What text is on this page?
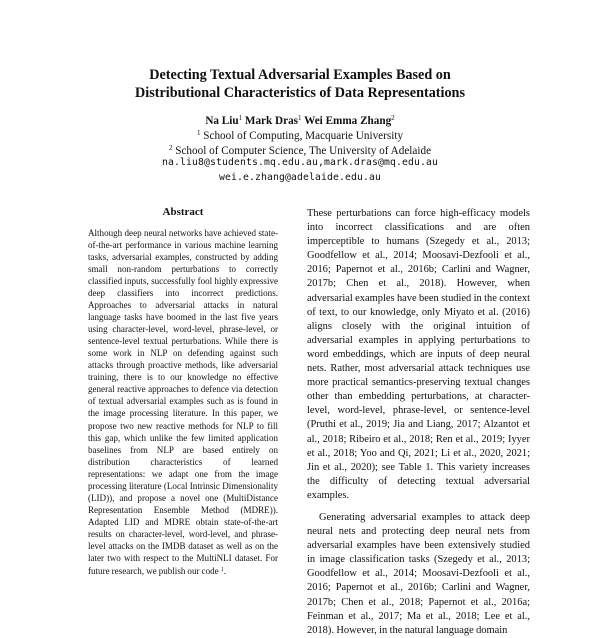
Detecting Textual Adversarial Examples Based on
Distributional Characteristics of Data Representations
Na Liu$^1$ Mark Dras$^1$ Wei Emma Zhang$^2$
$^1$ School of Computing, Macquarie University
$^2$ School of Computer Science, The University of Adelaide
na.liu8@students.mq.edu.au,mark.dras@mq.edu.au
wei.e.zhang@adelaide.edu.au
Abstract
Although deep neural networks have achieved state-of-the-art performance in various machine learning tasks, adversarial examples, constructed by adding small non-random perturbations to correctly classified inputs, successfully fool highly expressive deep classifiers into incorrect predictions. Approaches to adversarial attacks in natural language tasks have boomed in the last five years using character-level, word-level, phrase-level, or sentence-level textual perturbations. While there is some work in NLP on defending against such attacks through proactive methods, like adversarial training, there is to our knowledge no effective general reactive approaches to defence via detection of textual adversarial examples such as is found in the image processing literature. In this paper, we propose two new reactive methods for NLP to fill this gap, which unlike the few limited application baselines from NLP are based entirely on distribution characteristics of learned representations: we adapt one from the image processing literature (Local Intrinsic Dimensionality (LID)), and propose a novel one (MultiDistance Representation Ensemble Method (MDRE)). Adapted LID and MDRE obtain state-of-the-art results on character-level, word-level, and phrase-level attacks on the IMDB dataset as well as on the later two with respect to the MultiNLI dataset. For future research, we publish our code $^1$.

These perturbations can force high-efficacy models into incorrect classifications and are often imperceptible to humans (Szegedy et al., 2013; Goodfellow et al., 2014; Moosavi-Dezfooli et al., 2016; Papernot et al., 2016b; Carlini and Wagner, 2017b; Chen et al., 2018). However, when adversarial examples have been studied in the context of text, to our knowledge, only Miyato et al. (2016) aligns closely with the original intuition of adversarial examples in applying perturbations to word embeddings, which are inputs of deep neural nets. Rather, most adversarial attack techniques use more practical semantics-preserving textual changes other than embedding perturbations, at character-level, word-level, phrase-level, or sentence-level (Pruthi et al., 2019; Jia and Liang, 2017; Alzantot et al., 2018; Ribeiro et al., 2018; Ren et al., 2019; Iyyer et al., 2018; Yoo and Qi, 2021; Li et al., 2020, 2021; Jin et al., 2020); see Table 1. This variety increases the difficulty of detecting textual adversarial examples.

Generating adversarial examples to attack deep neural nets and protecting deep neural nets from adversarial examples have been extensively studied in image classification tasks (Szegedy et al., 2013; Goodfellow et al., 2014; Moosavi-Dezfooli et al., 2016; Papernot et al., 2016b; Carlini and Wagner, 2017b; Chen et al., 2018; Papernot et al., 2016a; Feinman et al., 2017; Ma et al., 2018; Lee et al., 2018). However, in the natural language domain
